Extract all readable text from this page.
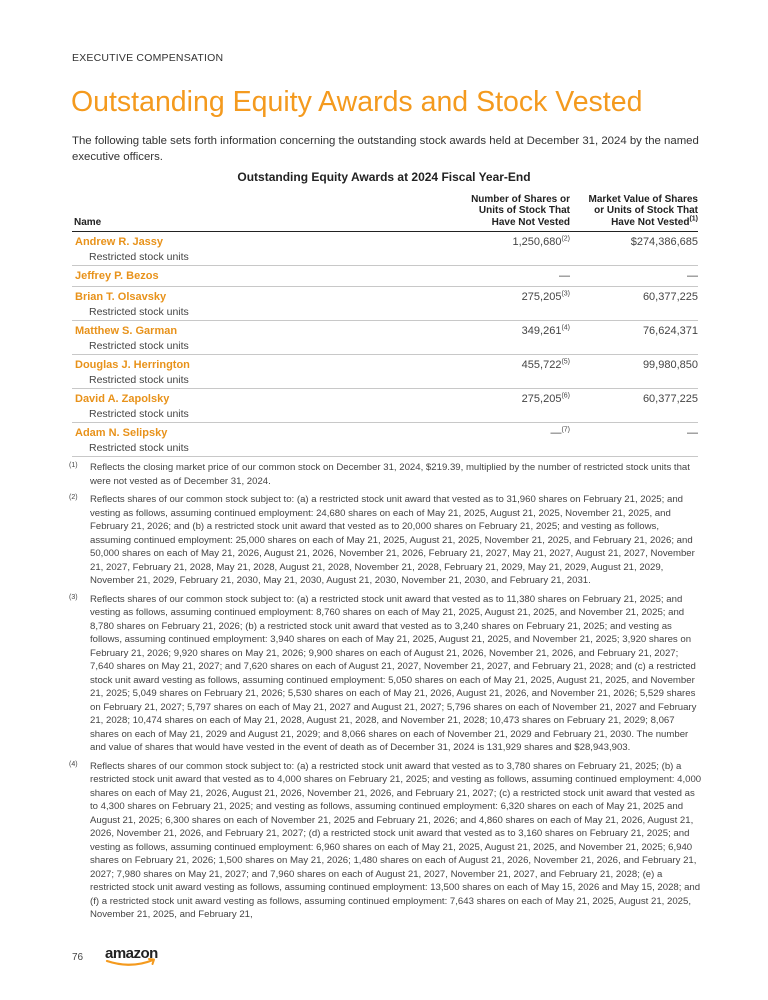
EXECUTIVE COMPENSATION
Outstanding Equity Awards and Stock Vested

The following table sets forth information concerning the outstanding stock awards held at December 31, 2024 by the named executive officers.

Outstanding Equity Awards at 2024 Fiscal Year-End
Name
Number of Shares or
Units of Stock That
Have Not Vested
Market Value of Shares
or Units of Stock That
Have Not Vested$^{(1)}$
Andrew R. Jassy
Restricted stock units
1,250,680$^{(2)}$	$274,386,685
Jeffrey P. Bezos	—	—
Brian T. Olsavsky
Restricted stock units
275,205$^{(3)}$	60,377,225
Matthew S. Garman
Restricted stock units
349,261$^{(4)}$	76,624,371
Douglas J. Herrington
Restricted stock units
455,722$^{(5)}$	99,980,850
David A. Zapolsky
Restricted stock units
275,205$^{(6)}$	60,377,225
Adam N. Selipsky
Restricted stock units
—$^{(7)}$	—
(1) Reflects the closing market price of our common stock on December 31, 2024, $219.39, multiplied by the number of restricted stock units that were not vested as of December 31, 2024.
(2) Reflects shares of our common stock subject to: (a) a restricted stock unit award that vested as to 31,960 shares on February 21, 2025; and vesting as follows, assuming continued employment: 24,680 shares on each of May 21, 2025, August 21, 2025, November 21, 2025, and February 21, 2026; and (b) a restricted stock unit award that vested as to 20,000 shares on February 21, 2025; and vesting as follows, assuming continued employment: 25,000 shares on each of May 21, 2025, August 21, 2025, November 21, 2025, and February 21, 2026; and 50,000 shares on each of May 21, 2026, August 21, 2026, November 21, 2026, February 21, 2027, May 21, 2027, August 21, 2027, November 21, 2027, February 21, 2028, May 21, 2028, August 21, 2028, November 21, 2028, February 21, 2029, May 21, 2029, August 21, 2029, November 21, 2029, February 21, 2030, May 21, 2030, August 21, 2030, November 21, 2030, and February 21, 2031.
(3) Reflects shares of our common stock subject to: (a) a restricted stock unit award that vested as to 11,380 shares on February 21, 2025; and vesting as follows, assuming continued employment: 8,760 shares on each of May 21, 2025, August 21, 2025, and November 21, 2025; and 8,780 shares on February 21, 2026; (b) a restricted stock unit award that vested as to 3,240 shares on February 21, 2025; and vesting as follows, assuming continued employment: 3,940 shares on each of May 21, 2025, August 21, 2025, and November 21, 2025; 3,920 shares on February 21, 2026; 9,920 shares on May 21, 2026; 9,900 shares on each of August 21, 2026, November 21, 2026, and February 21, 2027; 7,640 shares on May 21, 2027; and 7,620 shares on each of August 21, 2027, November 21, 2027, and February 21, 2028; and (c) a restricted stock unit award vesting as follows, assuming continued employment: 5,050 shares on each of May 21, 2025, August 21, 2025, and November 21, 2025; 5,049 shares on February 21, 2026; 5,530 shares on each of May 21, 2026, August 21, 2026, and November 21, 2026; 5,529 shares on February 21, 2027; 5,797 shares on each of May 21, 2027 and August 21, 2027; 5,796 shares on each of November 21, 2027 and February 21, 2028; 10,474 shares on each of May 21, 2028, August 21, 2028, and November 21, 2028; 10,473 shares on February 21, 2029; 8,067 shares on each of May 21, 2029 and August 21, 2029; and 8,066 shares on each of November 21, 2029 and February 21, 2030. The number and value of shares that would have vested in the event of death as of December 31, 2024 is 131,929 shares and $28,943,903.
(4) Reflects shares of our common stock subject to: (a) a restricted stock unit award that vested as to 3,780 shares on February 21, 2025; (b) a restricted stock unit award that vested as to 4,000 shares on February 21, 2025; and vesting as follows, assuming continued employment: 4,000 shares on each of May 21, 2026, August 21, 2026, November 21, 2026, and February 21, 2027; (c) a restricted stock unit award that vested as to 4,300 shares on February 21, 2025; and vesting as follows, assuming continued employment: 6,320 shares on each of May 21, 2025 and August 21, 2025; 6,300 shares on each of November 21, 2025 and February 21, 2026; and 4,860 shares on each of May 21, 2026, August 21, 2026, November 21, 2026, and February 21, 2027; (d) a restricted stock unit award that vested as to 3,160 shares on February 21, 2025; and vesting as follows, assuming continued employment: 6,960 shares on each of May 21, 2025, August 21, 2025, and November 21, 2025; 6,940 shares on February 21, 2026; 1,500 shares on May 21, 2026; 1,480 shares on each of August 21, 2026, November 21, 2026, and February 21, 2027; 7,980 shares on May 21, 2027; and 7,960 shares on each of August 21, 2027, November 21, 2027, and February 21, 2028; (e) a restricted stock unit award vesting as follows, assuming continued employment: 13,500 shares on each of May 15, 2026 and May 15, 2028; and (f) a restricted stock unit award vesting as follows, assuming continued employment: 7,643 shares on each of May 21, 2025, August 21, 2025, November 21, 2025, and February 21,
76 amazon
